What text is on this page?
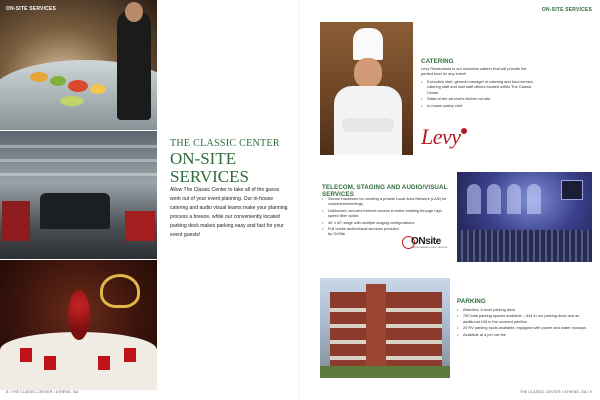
ON-SITE SERVICES
THE CLASSIC CENTER
ON-SITE
SERVICES

Allow The Classic Center to take all of the guess work out of your event planning. Our in-house catering and audio visual teams make your planning process a breeze, while our conveniently located parking deck makes parking easy and fast for your event guests!

8 • THE CLASSIC CENTER • ATHENS, GA
ON-SITE SERVICES
CATERING

Levy Restaurants is our exclusive caterer that will provide the perfect food for any event!

• Executive chef, general manager of catering and food service, catering staff and wait staff offices located within The Classic Center
• State-of-the-art chef's kitchen on-site
• In-house pastry chef
TELECOM, STAGING AND AUDIO/VISUAL SERVICES
• Secure backbone for creating a private Local Area Network (LAN) for customers/meetings
• Unblocked, secured internet access in entire building through high speed fiber optics
• 40' x 60' stage with multiple staging configurations
• Full onsite audio/visual services provided by OnSite
PARKING
• Attached, 5-level parking deck
• 750 total parking spaces available – 644 in our parking deck and an additional 106 in the covered pavilion
• 20 RV parking spots available, equipped with power and water hookups
• Available at a per car fee
THE CLASSIC CENTER • ATHENS, GA • 9
Levy
ONsite
ENTERTAINMENT EVENT SERVICES
